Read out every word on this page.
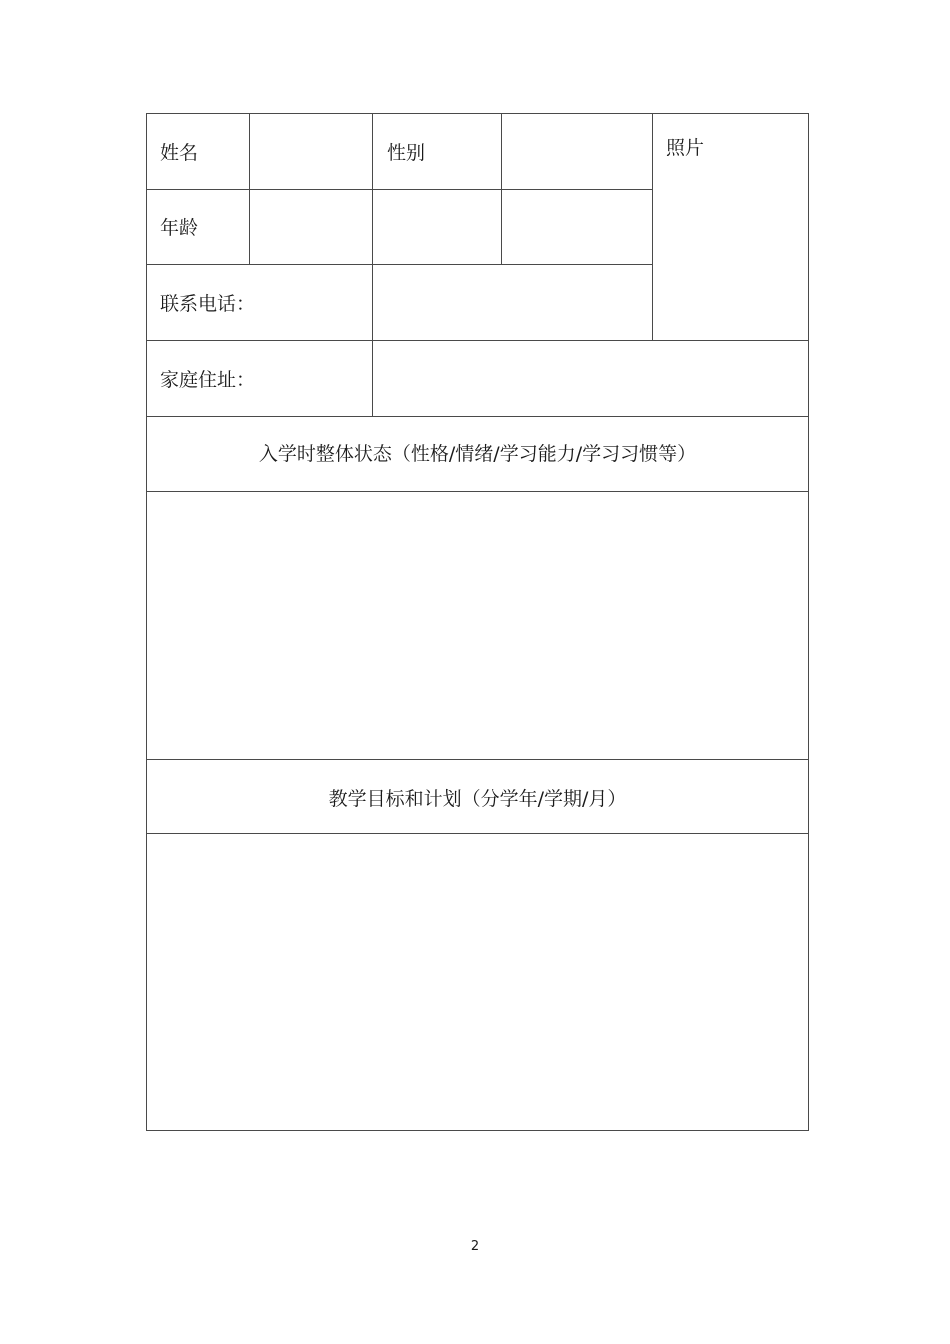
姓名	性别	照片
年龄
联系电话：
家庭住址：
入学时整体状态（性格/情绪/学习能力/学习习惯等）
教学目标和计划（分学年/学期/月）
2
